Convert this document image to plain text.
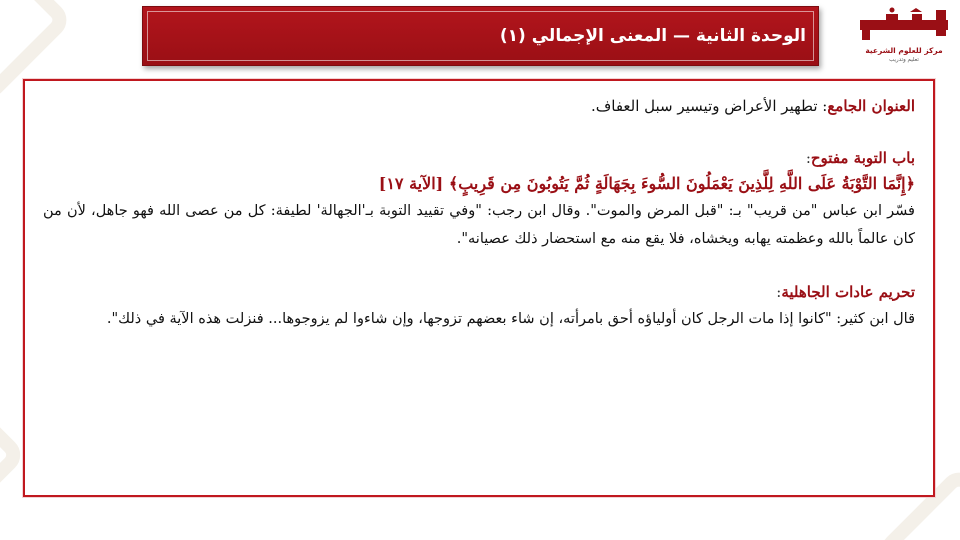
الوحدة الثانية — المعنى الإجمالي (١)
مركز للعلوم الشرعية
تعليم وتدريب
العنوان الجامع: تطهير الأعراض وتيسير سبل العفاف.
باب التوبة مفتوح:
﴿إِنَّمَا التَّوْبَةُ عَلَى اللَّهِ لِلَّذِينَ يَعْمَلُونَ السُّوءَ بِجَهَالَةٍ ثُمَّ يَتُوبُونَ مِن قَرِيبٍ﴾ [الآية ١٧]
فسّر ابن عباس "من قريب" بـ: "قبل المرض والموت". وقال ابن رجب: "وفي تقييد التوبة بـ'الجهالة' لطيفة: كل من عصى الله فهو جاهل، لأن من كان عالماً بالله وعظمته يهابه ويخشاه، فلا يقع منه مع استحضار ذلك عصيانه".
تحريم عادات الجاهلية:
قال ابن كثير: "كانوا إذا مات الرجل كان أولياؤه أحق بامرأته، إن شاء بعضهم تزوجها، وإن شاءوا لم يزوجوها... فنزلت هذه الآية في ذلك".
